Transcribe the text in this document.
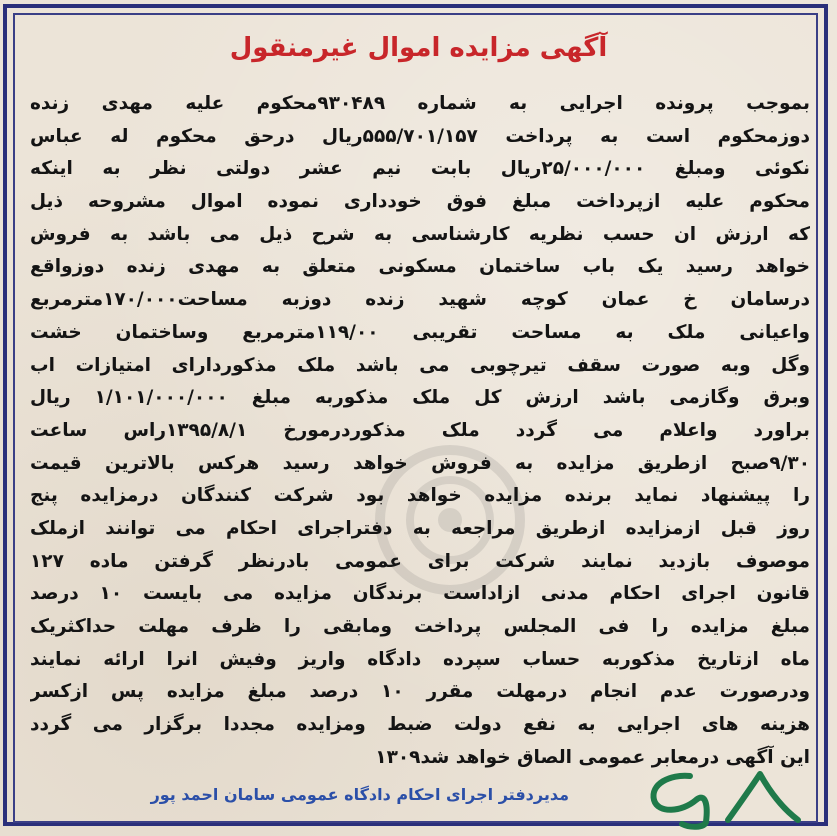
آگهی مزایده اموال غیرمنقول
بموجب پرونده اجرایی به شماره ۹۳۰۴۸۹محکوم علیه مهدی زنده
دوزمحکوم است به پرداخت ۵۵۵/۷۰۱/۱۵۷ریال درحق محکوم له عباس
نکوئی ومبلغ ۲۵/۰۰۰/۰۰۰ریال بابت نیم عشر دولتی نظر به اینکه
محکوم علیه ازپرداخت مبلغ فوق خودداری نموده اموال مشروحه ذیل
که ارزش ان حسب نظریه کارشناسی به شرح ذیل می باشد به فروش
خواهد رسید یک باب ساختمان مسکونی متعلق به مهدی زنده دوزواقع
درسامان خ عمان کوچه شهید زنده دوزبه مساحت۱۷۰/۰۰۰مترمربع
واعیانی ملک به مساحت تقریبی ۱۱۹/۰۰مترمربع وساختمان خشت
وگل وبه صورت سقف تیرچوبی می باشد ملک مذکوردارای امتیازات اب
وبرق وگازمی باشد ارزش کل ملک مذکوربه مبلغ ۱/۱۰۱/۰۰۰/۰۰۰ ریال
براورد واعلام می گردد ملک مذکوردرمورخ ۱۳۹۵/۸/۱راس ساعت
۹/۳۰صبح ازطریق مزایده به فروش خواهد رسید هرکس بالاترین قیمت
را پیشنهاد نماید برنده مزایده خواهد بود شرکت کنندگان درمزایده پنج
روز قبل ازمزایده ازطریق مراجعه به دفتراجرای احکام می توانند ازملک
موصوف بازدید نمایند شرکت برای عمومی بادرنظر گرفتن ماده ۱۲۷
قانون اجرای احکام مدنی ازاداست برندگان مزایده می بایست ۱۰ درصد
مبلغ مزایده را فی المجلس پرداخت ومابقی را ظرف مهلت حداکثریک
ماه ازتاریخ مذکوربه حساب سپرده دادگاه واریز وفیش انرا ارائه نمایند
ودرصورت عدم انجام درمهلت مقرر ۱۰ درصد مبلغ مزایده پس ازکسر
هزینه های اجرایی به نفع دولت ضبط ومزایده مجددا برگزار می گردد
این آگهی درمعابر عمومی الصاق خواهد شد۱۳۰۹
مدیردفتر اجرای احکام دادگاه عمومی سامان احمد پور
